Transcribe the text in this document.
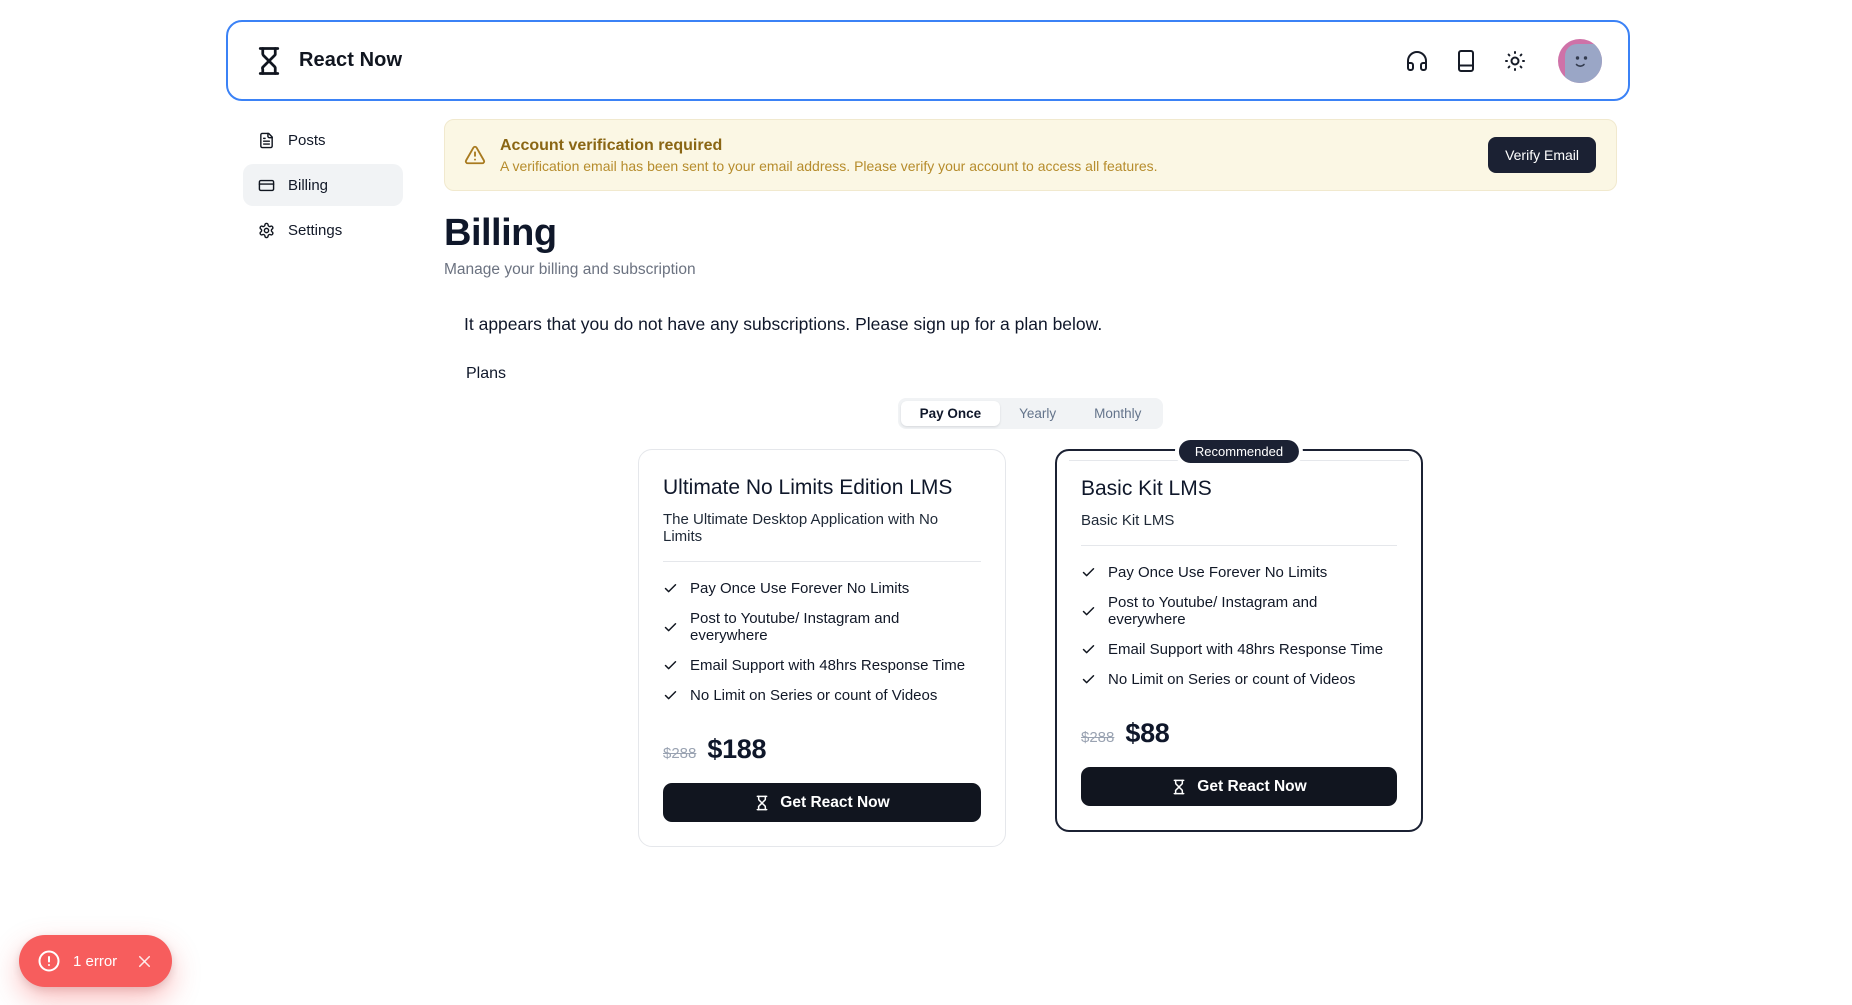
React Now
Posts
Billing
Settings
Account verification required
A verification email has been sent to your email address. Please verify your account to access all features.
Verify Email
Billing
Manage your billing and subscription

It appears that you do not have any subscriptions. Please sign up for a plan below.

Plans
Pay Once	Yearly	Monthly
Ultimate No Limits Edition LMS
The Ultimate Desktop Application with No Limits
Pay Once Use Forever No Limits
Post to Youtube/ Instagram and everywhere
Email Support with 48hrs Response Time
No Limit on Series or count of Videos
$288 $188
Get React Now
Recommended
Basic Kit LMS
Basic Kit LMS
Pay Once Use Forever No Limits
Post to Youtube/ Instagram and everywhere
Email Support with 48hrs Response Time
No Limit on Series or count of Videos
$288 $88
Get React Now
1 error
